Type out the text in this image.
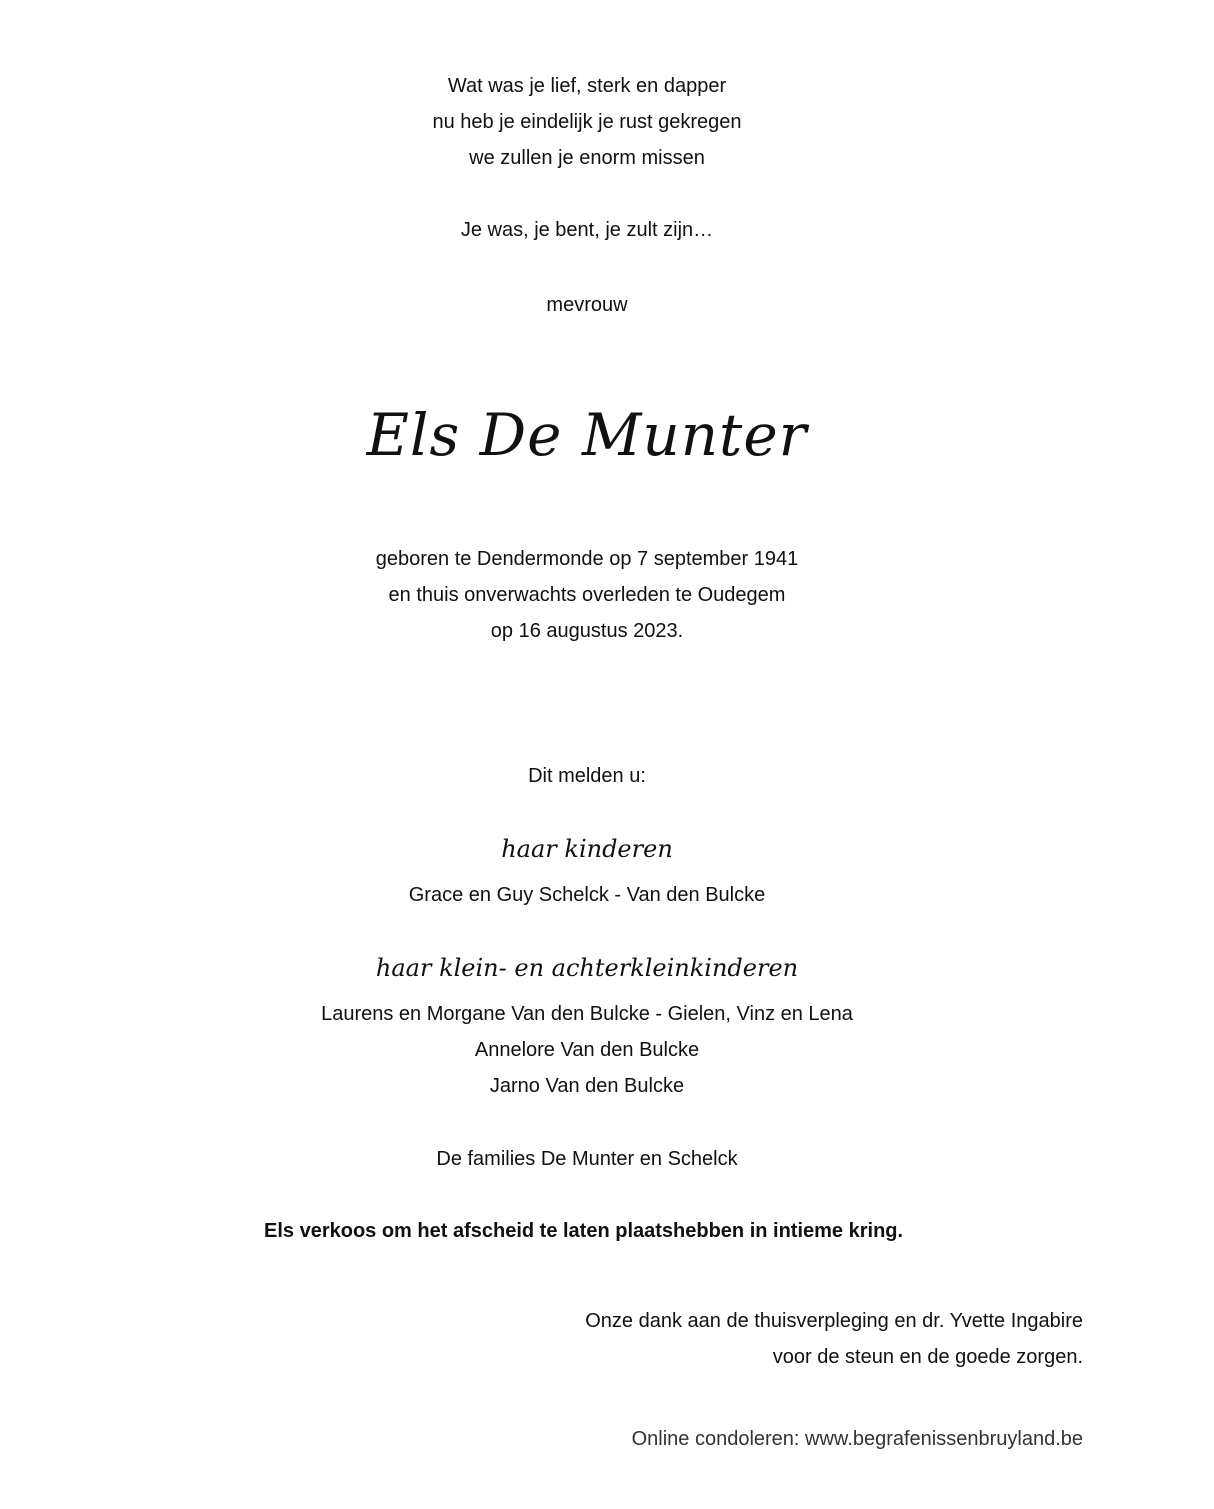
Wat was je lief, sterk en dapper
nu heb je eindelijk je rust gekregen
we zullen je enorm missen
Je was, je bent, je zult zijn…
mevrouw
Els De Munter
geboren te Dendermonde op 7 september 1941
en thuis onverwachts overleden te Oudegem
op 16 augustus 2023.
Dit melden u:
haar kinderen
Grace en Guy Schelck - Van den Bulcke
haar klein- en achterkleinkinderen
Laurens en Morgane Van den Bulcke - Gielen, Vinz en Lena
Annelore Van den Bulcke
Jarno Van den Bulcke
De families De Munter en Schelck
Els verkoos om het afscheid te laten plaatshebben in intieme kring.
Onze dank aan de thuisverpleging en dr. Yvette Ingabire
voor de steun en de goede zorgen.
Online condoleren: www.begrafenissenbruyland.be
